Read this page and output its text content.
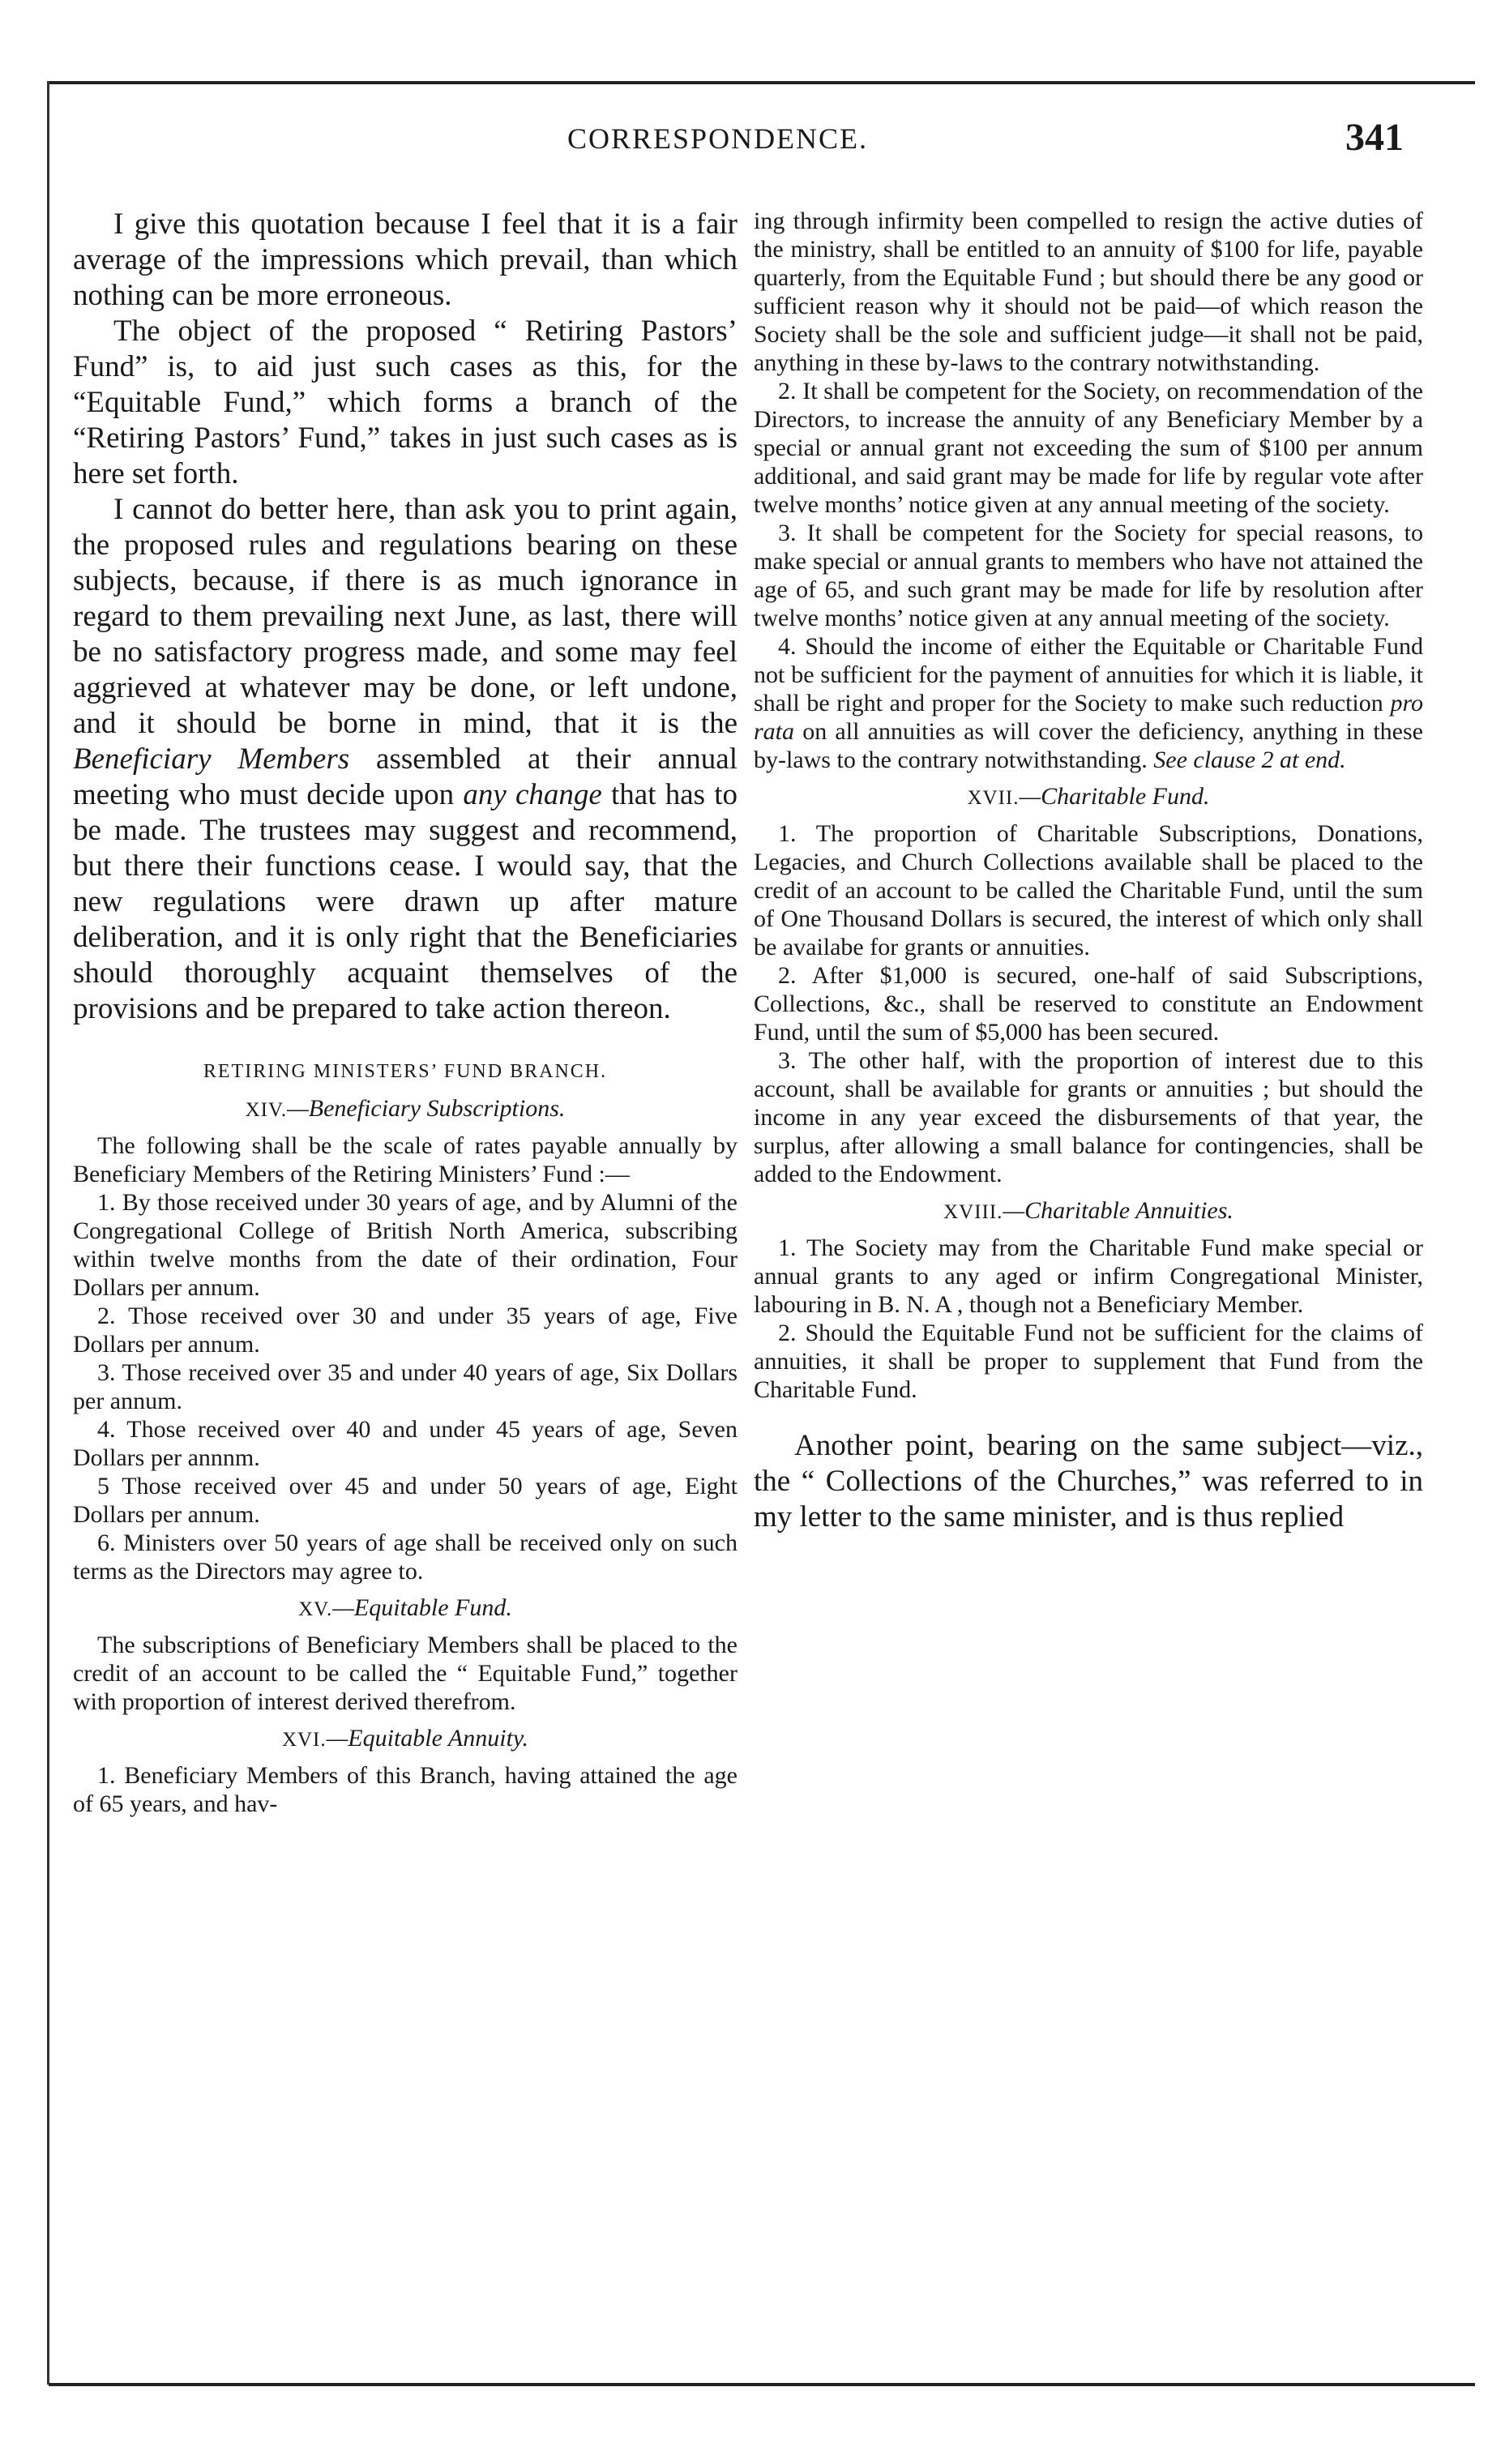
CORRESPONDENCE.	341

I give this quotation because I feel that it is a fair average of the impressions which prevail, than which nothing can be more erroneous.

The object of the proposed “ Retiring Pastors’ Fund” is, to aid just such cases as this, for the “Equitable Fund,” which forms a branch of the “Retiring Pastors’ Fund,” takes in just such cases as is here set forth.

I cannot do better here, than ask you to print again, the proposed rules and regulations bearing on these subjects, because, if there is as much ignorance in regard to them prevailing next June, as last, there will be no satisfactory progress made, and some may feel aggrieved at whatever may be done, or left undone, and it should be borne in mind, that it is the Beneficiary Members assembled at their annual meeting who must decide upon any change that has to be made. The trustees may suggest and recommend, but there their functions cease. I would say, that the new regulations were drawn up after mature deliberation, and it is only right that the Beneficiaries should thoroughly acquaint themselves of the provisions and be prepared to take action thereon.

RETIRING MINISTERS’ FUND BRANCH.
XIV.—Beneficiary Subscriptions.

The following shall be the scale of rates payable annually by Beneficiary Members of the Retiring Ministers’ Fund :—

1. By those received under 30 years of age, and by Alumni of the Congregational College of British North America, subscribing within twelve months from the date of their ordination, Four Dollars per annum.

2. Those received over 30 and under 35 years of age, Five Dollars per annum.

3. Those received over 35 and under 40 years of age, Six Dollars per annum.

4. Those received over 40 and under 45 years of age, Seven Dollars per annnm.

5 Those received over 45 and under 50 years of age, Eight Dollars per annum.

6. Ministers over 50 years of age shall be received only on such terms as the Directors may agree to.

XV.—Equitable Fund.

The subscriptions of Beneficiary Members shall be placed to the credit of an account to be called the “ Equitable Fund,” together with proportion of interest derived therefrom.

XVI.—Equitable Annuity.

1. Beneficiary Members of this Branch, having attained the age of 65 years, and hav-

ing through infirmity been compelled to resign the active duties of the ministry, shall be entitled to an annuity of $100 for life, payable quarterly, from the Equitable Fund ; but should there be any good or sufficient reason why it should not be paid—of which reason the Society shall be the sole and sufficient judge—it shall not be paid, anything in these by-laws to the contrary notwithstanding.

2. It shall be competent for the Society, on recommendation of the Directors, to increase the annuity of any Beneficiary Member by a special or annual grant not exceeding the sum of $100 per annum additional, and said grant may be made for life by regular vote after twelve months’ notice given at any annual meeting of the society.

3. It shall be competent for the Society for special reasons, to make special or annual grants to members who have not attained the age of 65, and such grant may be made for life by resolution after twelve months’ notice given at any annual meeting of the society.

4. Should the income of either the Equitable or Charitable Fund not be sufficient for the payment of annuities for which it is liable, it shall be right and proper for the Society to make such reduction pro rata on all annuities as will cover the deficiency, anything in these by-laws to the contrary notwithstanding. See clause 2 at end.

XVII.—Charitable Fund.

1. The proportion of Charitable Subscriptions, Donations, Legacies, and Church Collections available shall be placed to the credit of an account to be called the Charitable Fund, until the sum of One Thousand Dollars is secured, the interest of which only shall be availabe for grants or annuities.

2. After $1,000 is secured, one-half of said Subscriptions, Collections, &c., shall be reserved to constitute an Endowment Fund, until the sum of $5,000 has been secured.

3. The other half, with the proportion of interest due to this account, shall be available for grants or annuities ; but should the income in any year exceed the disbursements of that year, the surplus, after allowing a small balance for contingencies, shall be added to the Endowment.

XVIII.—Charitable Annuities.

1. The Society may from the Charitable Fund make special or annual grants to any aged or infirm Congregational Minister, labouring in B. N. A , though not a Beneficiary Member.

2. Should the Equitable Fund not be sufficient for the claims of annuities, it shall be proper to supplement that Fund from the Charitable Fund.

Another point, bearing on the same subject—viz., the “ Collections of the Churches,” was referred to in my letter to the same minister, and is thus replied
